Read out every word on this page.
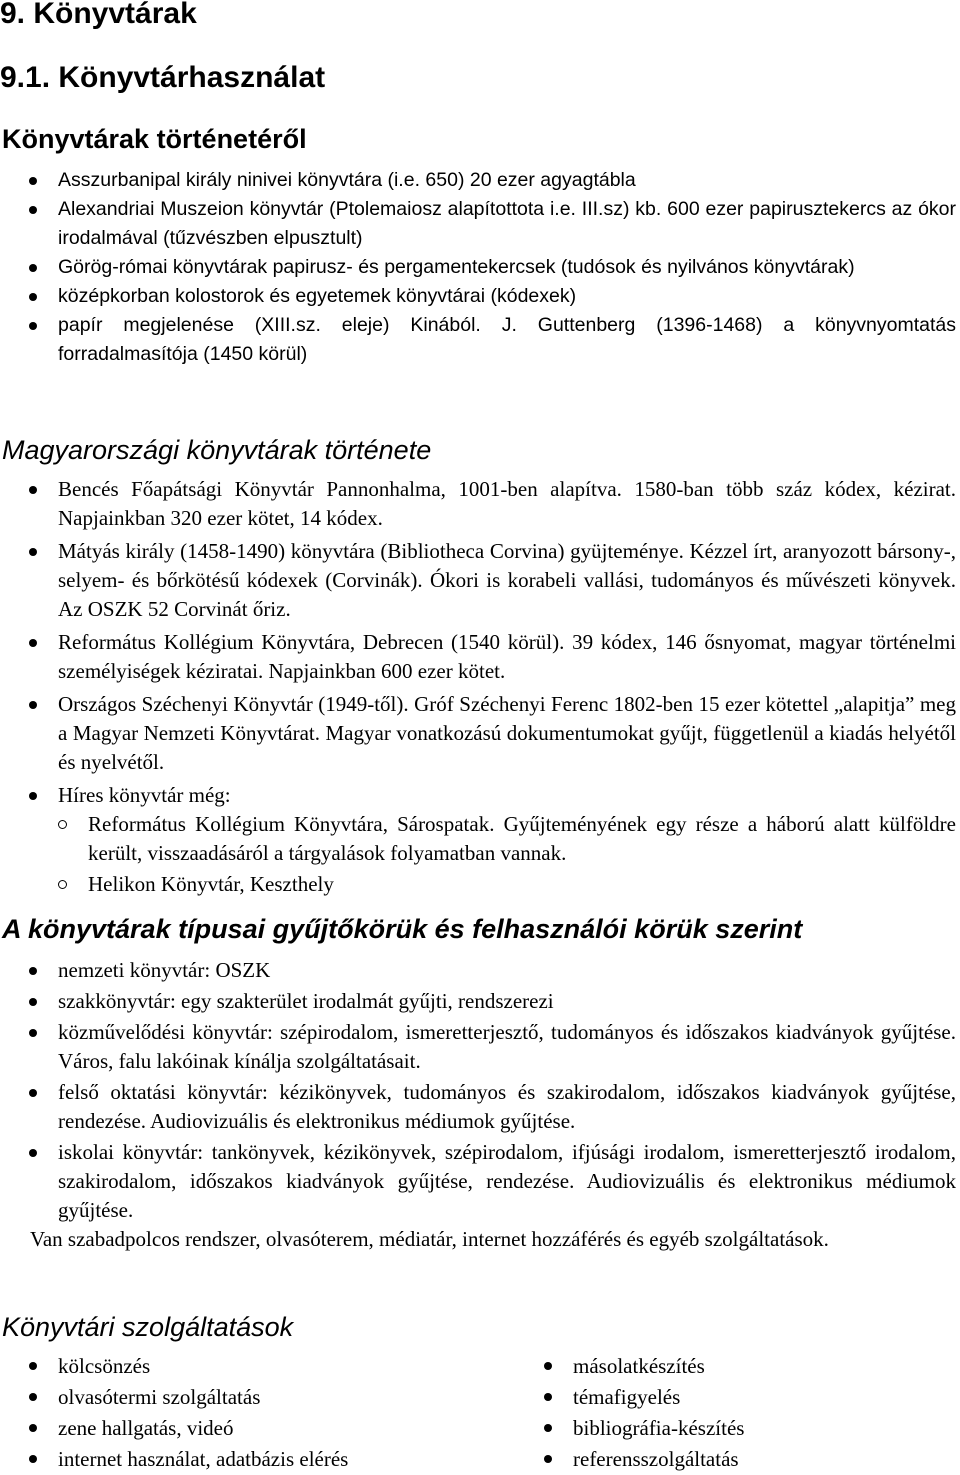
9. Könyvtárak
9.1. Könyvtárhasználat
Könyvtárak történetéről
Asszurbanipal király ninivei könyvtára (i.e. 650) 20 ezer agyagtábla
Alexandriai Muszeion könyvtár (Ptolemaiosz alapítottota i.e. III.sz) kb. 600 ezer papirusztekercs az ókor irodalmával (tűzvészben elpusztult)
Görög-római könyvtárak papirusz- és pergamentekercsek (tudósok és nyilvános könyvtárak)
középkorban kolostorok és egyetemek könyvtárai (kódexek)
papír megjelenése (XIII.sz. eleje) Kinából. J. Guttenberg (1396-1468) a könyvnyomtatás forradalmasítója (1450 körül)
Magyarországi könyvtárak története
Bencés Főapátsági Könyvtár Pannonhalma, 1001-ben alapítva. 1580-ban több száz kódex, kézirat. Napjainkban 320 ezer kötet, 14 kódex.
Mátyás király (1458-1490) könyvtára (Bibliotheca Corvina) gyüjteménye. Kézzel írt, aranyozott bársony-, selyem- és bőrkötésű kódexek (Corvinák). Ókori is korabeli vallási, tudományos és művészeti könyvek. Az OSZK 52 Corvinát őriz.
Református Kollégium Könyvtára, Debrecen (1540 körül). 39 kódex, 146 ősnyomat, magyar történelmi személyiségek kéziratai. Napjainkban 600 ezer kötet.
Országos Széchenyi Könyvtár (1949-től). Gróf Széchenyi Ferenc 1802-ben 15 ezer kötettel „alapitja” meg a Magyar Nemzeti Könyvtárat. Magyar vonatkozású dokumentumokat gyűjt, függetlenül a kiadás helyétől és nyelvétől.
Híres könyvtár még:
Református Kollégium Könyvtára, Sárospatak. Gyűjteményének egy része a háború alatt külföldre került, visszaadásáról a tárgyalások folyamatban vannak.
Helikon Könyvtár, Keszthely
A könyvtárak típusai gyűjtőkörük és felhasználói körük szerint
nemzeti könyvtár: OSZK
szakkönyvtár: egy szakterület irodalmát gyűjti, rendszerezi
közművelődési könyvtár: szépirodalom, ismeretterjesztő, tudományos és időszakos kiadványok gyűjtése. Város, falu lakóinak kínálja szolgáltatásait.
felső oktatási könyvtár: kézikönyvek, tudományos és szakirodalom, időszakos kiadványok gyűjtése, rendezése. Audiovizuális és elektronikus médiumok gyűjtése.
iskolai könyvtár: tankönyvek, kézikönyvek, szépirodalom, ifjúsági irodalom, ismeretterjesztő irodalom, szakirodalom, időszakos kiadványok gyűjtése, rendezése. Audiovizuális és elektronikus médiumok gyűjtése.

Van szabadpolcos rendszer, olvasóterem, médiatár, internet hozzáférés és egyéb szolgáltatások.

Könyvtári szolgáltatások
kölcsönzés
olvasótermi szolgáltatás
zene hallgatás, videó
internet használat, adatbázis elérés
másolatkészítés
témafigyelés
bibliográfia-készítés
referensszolgáltatás
